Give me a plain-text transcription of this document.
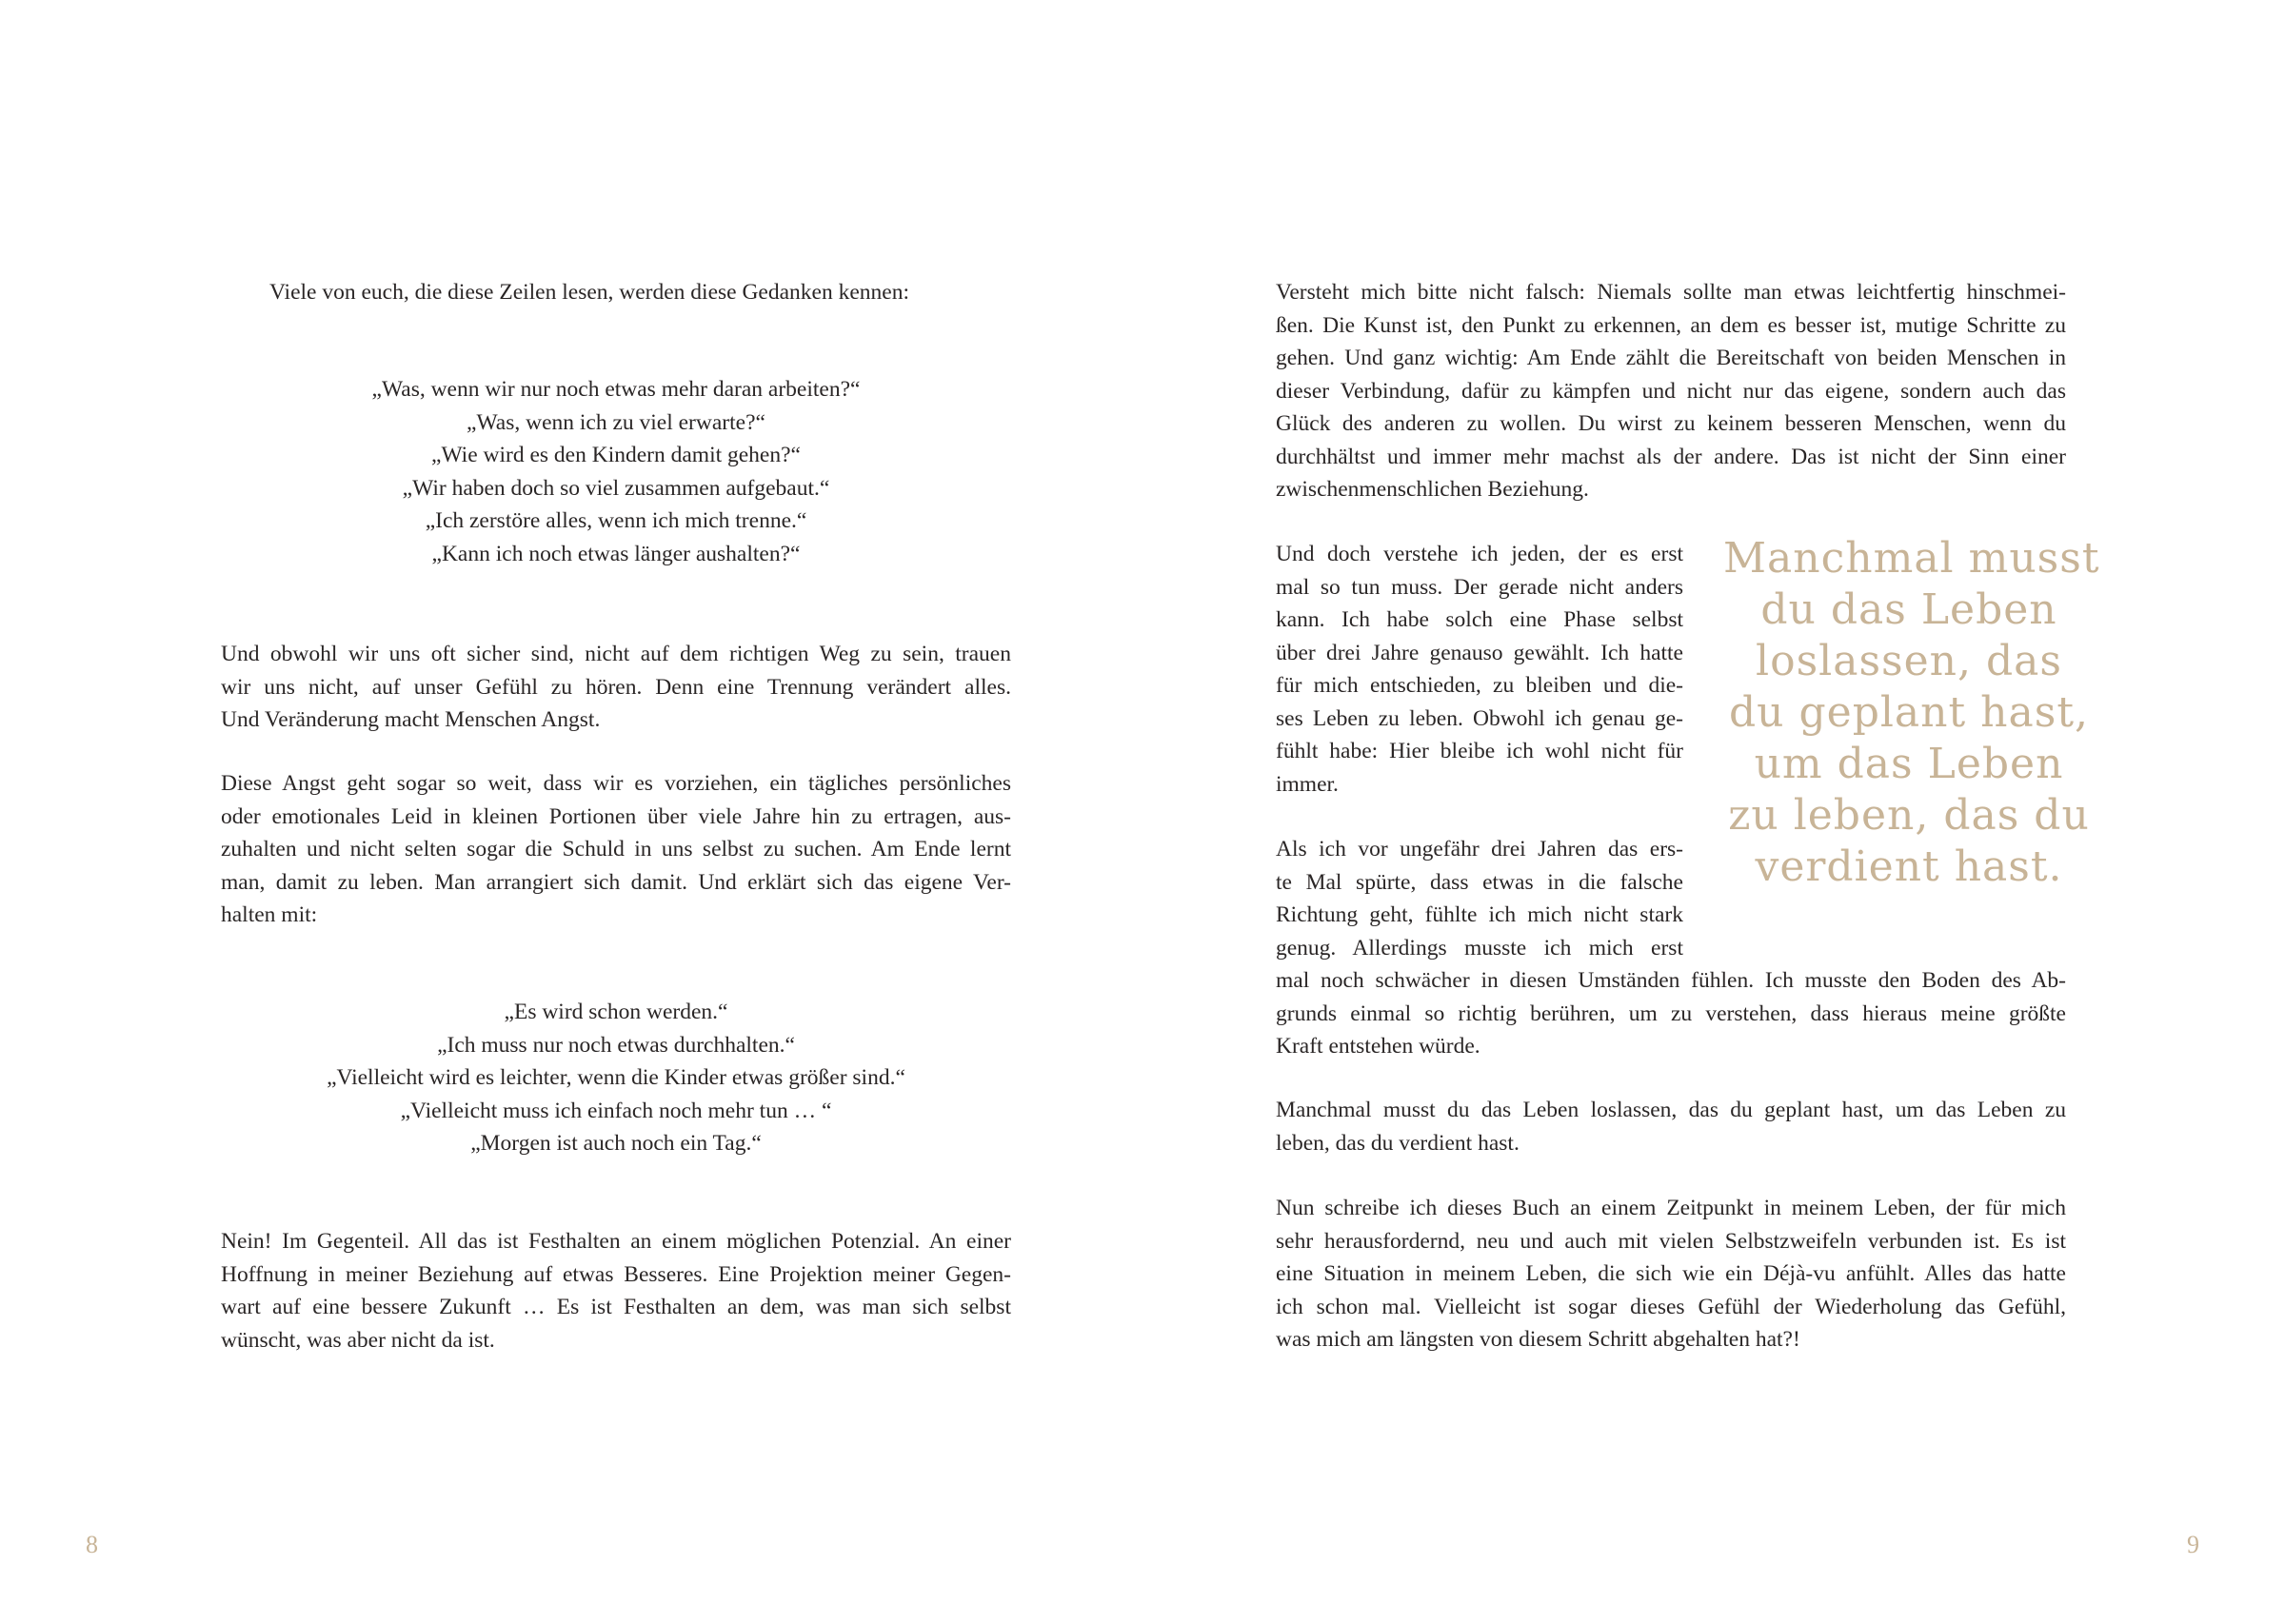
Viele von euch, die diese Zeilen lesen, werden diese Gedanken kennen:

„Was, wenn wir nur noch etwas mehr daran arbeiten?“
„Was, wenn ich zu viel erwarte?“
„Wie wird es den Kindern damit gehen?“
„Wir haben doch so viel zusammen aufgebaut.“
„Ich zerstöre alles, wenn ich mich trenne.“
„Kann ich noch etwas länger aushalten?“
Und obwohl wir uns oft sicher sind, nicht auf dem richtigen Weg zu sein, trauen
wir uns nicht, auf unser Gefühl zu hören. Denn eine Trennung verändert alles.
Und Veränderung macht Menschen Angst.
Diese Angst geht sogar so weit, dass wir es vorziehen, ein tägliches persönliches
oder emotionales Leid in kleinen Portionen über viele Jahre hin zu ertragen, aus-
zuhalten und nicht selten sogar die Schuld in uns selbst zu suchen. Am Ende lernt
man, damit zu leben. Man arrangiert sich damit. Und erklärt sich das eigene Ver-
halten mit:
„Es wird schon werden.“
„Ich muss nur noch etwas durchhalten.“
„Vielleicht wird es leichter, wenn die Kinder etwas größer sind.“
„Vielleicht muss ich einfach noch mehr tun … “
„Morgen ist auch noch ein Tag.“
Nein! Im Gegenteil. All das ist Festhalten an einem möglichen Potenzial. An einer
Hoffnung in meiner Beziehung auf etwas Besseres. Eine Projektion meiner Gegen-
wart auf eine bessere Zukunft … Es ist Festhalten an dem, was man sich selbst
wünscht, was aber nicht da ist.
8
Versteht mich bitte nicht falsch: Niemals sollte man etwas leichtfertig hinschmei-
ßen. Die Kunst ist, den Punkt zu erkennen, an dem es besser ist, mutige Schritte zu
gehen. Und ganz wichtig: Am Ende zählt die Bereitschaft von beiden Menschen in
dieser Verbindung, dafür zu kämpfen und nicht nur das eigene, sondern auch das
Glück des anderen zu wollen. Du wirst zu keinem besseren Menschen, wenn du
durchhältst und immer mehr machst als der andere. Das ist nicht der Sinn einer
zwischenmenschlichen Beziehung.
Und doch verstehe ich jeden, der es erst
mal so tun muss. Der gerade nicht anders
kann. Ich habe solch eine Phase selbst
über drei Jahre genauso gewählt. Ich hatte
für mich entschieden, zu bleiben und die-
ses Leben zu leben. Obwohl ich genau ge-
fühlt habe: Hier bleibe ich wohl nicht für
immer.
Als ich vor ungefähr drei Jahren das ers-
te Mal spürte, dass etwas in die falsche
Richtung geht, fühlte ich mich nicht stark
genug. Allerdings musste ich mich erst
mal noch schwächer in diesen Umständen fühlen. Ich musste den Boden des Ab-
grunds einmal so richtig berühren, um zu verstehen, dass hieraus meine größte
Kraft entstehen würde.
Manchmal musst
du das Leben
loslassen, das
du geplant hast,
um das Leben
zu leben, das du
verdient hast.
Manchmal musst du das Leben loslassen, das du geplant hast, um das Leben zu
leben, das du verdient hast.
Nun schreibe ich dieses Buch an einem Zeitpunkt in meinem Leben, der für mich
sehr herausfordernd, neu und auch mit vielen Selbstzweifeln verbunden ist. Es ist
eine Situation in meinem Leben, die sich wie ein Déjà-vu anfühlt. Alles das hatte
ich schon mal. Vielleicht ist sogar dieses Gefühl der Wiederholung das Gefühl,
was mich am längsten von diesem Schritt abgehalten hat?!
9
